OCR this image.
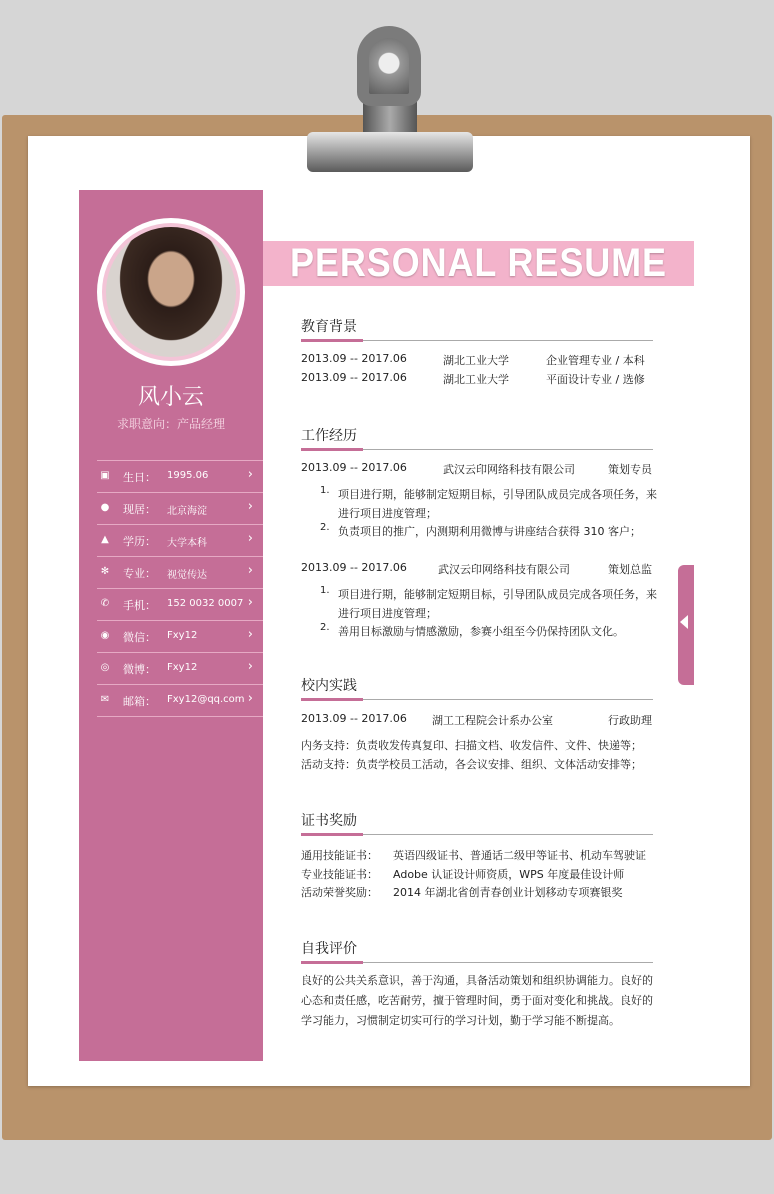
风小云
求职意向：产品经理
▣ 生日： 1995.06	›
● 现居： 北京海淀	›
▲ 学历： 大学本科	›
✻ 专业： 视觉传达	›
✆ 手机： 152 0032 0007 ›
◉ 微信： Fxy12	›
◎ 微博： Fxy12	›
✉ 邮箱： Fxy12@qq.com ›
PERSONAL RESUME
教育背景
2013.09 -- 2017.06	湖北工业大学	企业管理专业 / 本科
2013.09 -- 2017.06	湖北工业大学	平面设计专业 / 选修
工作经历
2013.09 -- 2017.06	武汉云印网络科技有限公司	策划专员
1. 项目进行期，能够制定短期目标，引导团队成员完成各项任务，来进行项目进度管理；
2. 负责项目的推广，内测期利用微博与讲座结合获得 310 客户；
2013.09 -- 2017.06	武汉云印网络科技有限公司	策划总监
1. 项目进行期，能够制定短期目标，引导团队成员完成各项任务，来进行项目进度管理；
2. 善用目标激励与情感激励，参赛小组至今仍保持团队文化。
校内实践
2013.09 -- 2017.06 湖工工程院会计系办公室	行政助理
内务支持：负责收发传真复印、扫描文档、收发信件、文件、快递等；
活动支持：负责学校员工活动，各会议安排、组织、文体活动安排等；
证书奖励
通用技能证书： 英语四级证书、普通话二级甲等证书、机动车驾驶证
专业技能证书： Adobe 认证设计师资质，WPS 年度最佳设计师
活动荣誉奖励： 2014 年湖北省创青春创业计划移动专项赛银奖
自我评价
良好的公共关系意识，善于沟通，具备活动策划和组织协调能力。良好的心态和责任感，吃苦耐劳，擅于管理时间，勇于面对变化和挑战。良好的学习能力，习惯制定切实可行的学习计划，勤于学习能不断提高。
